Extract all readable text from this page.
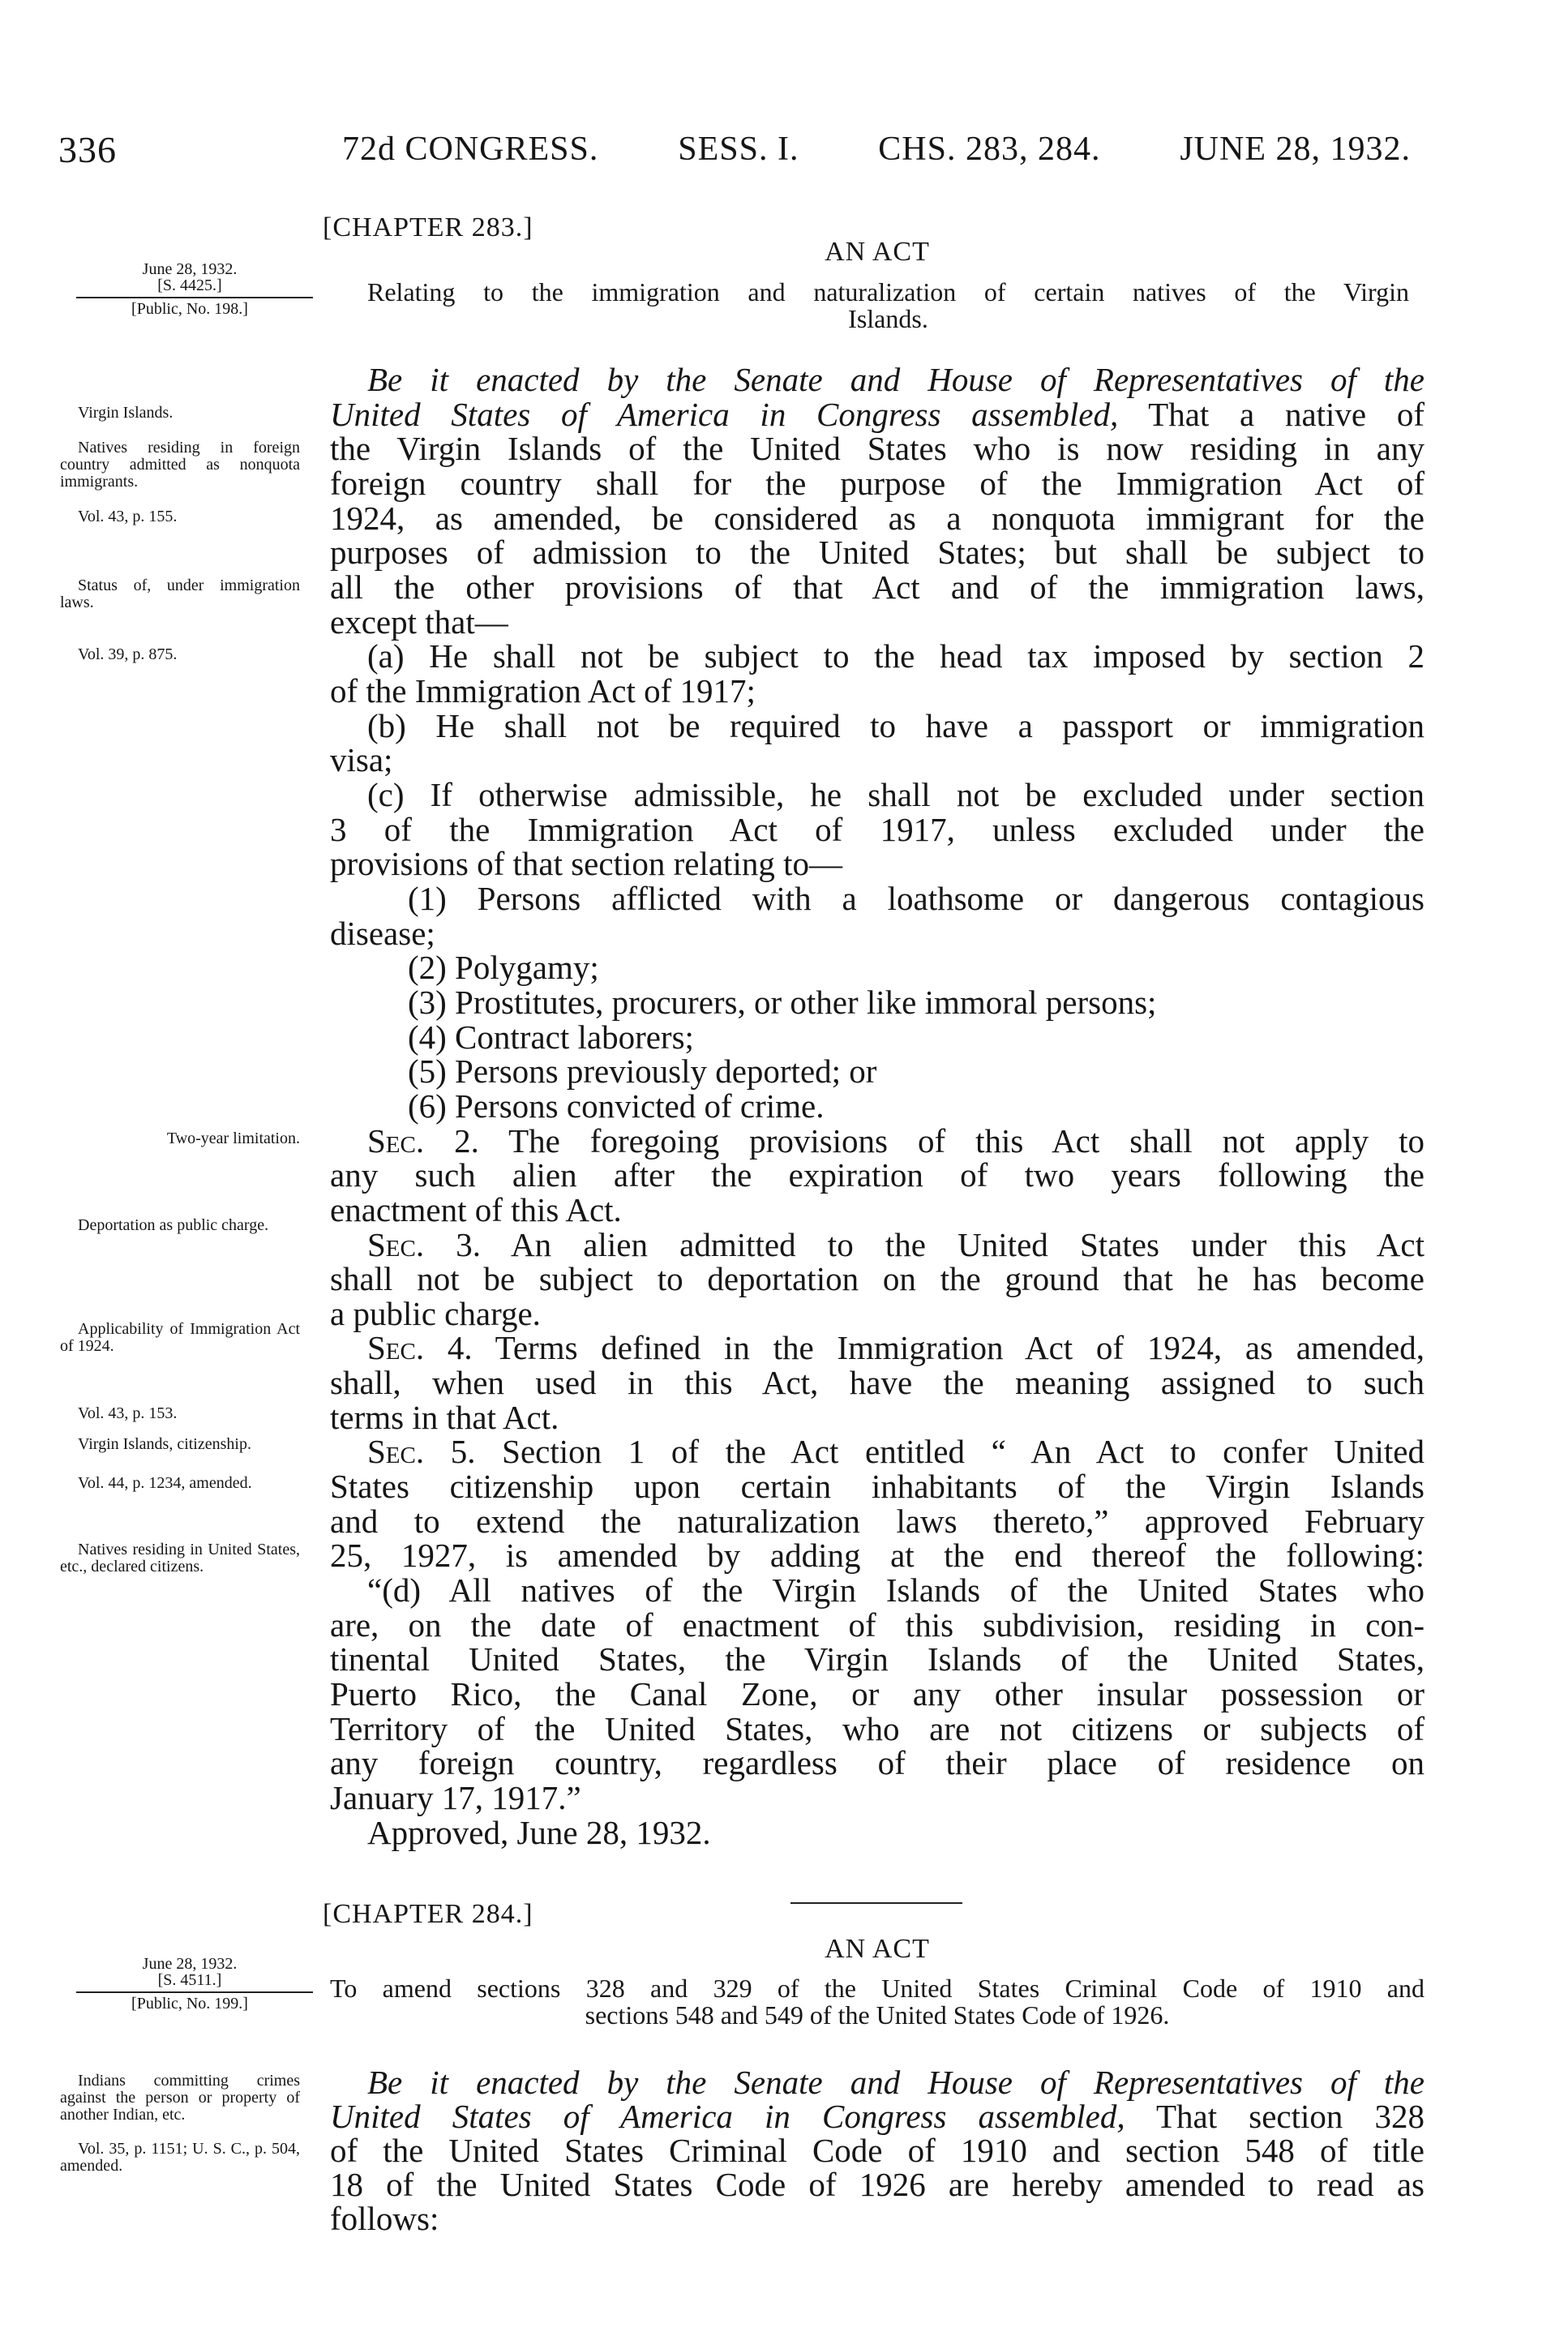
336	72d CONGRESS. SESS. I. CHS. 283, 284. JUNE 28, 1932.
[CHAPTER 283.]
AN ACT
Relating to the immigration and naturalization of certain natives of the Virgin
Islands.
June 28, 1932.
[S. 4425.]
[Public, No. 198.]
Be it enacted by the Senate and House of Representatives of the
United States of America in Congress assembled, That a native of
the Virgin Islands of the United States who is now residing in any
foreign country shall for the purpose of the Immigration Act of
1924, as amended, be considered as a nonquota immigrant for the
purposes of admission to the United States; but shall be subject to
all the other provisions of that Act and of the immigration laws,
except that—
(a) He shall not be subject to the head tax imposed by section 2
of the Immigration Act of 1917;
(b) He shall not be required to have a passport or immigration
visa;
(c) If otherwise admissible, he shall not be excluded under section
3 of the Immigration Act of 1917, unless excluded under the
provisions of that section relating to—
(1) Persons afflicted with a loathsome or dangerous contagious
disease;
(2) Polygamy;
(3) Prostitutes, procurers, or other like immoral persons;
(4) Contract laborers;
(5) Persons previously deported; or
(6) Persons convicted of crime.
Sec. 2. The foregoing provisions of this Act shall not apply to
any such alien after the expiration of two years following the
enactment of this Act.
Sec. 3. An alien admitted to the United States under this Act
shall not be subject to deportation on the ground that he has become
a public charge.
Sec. 4. Terms defined in the Immigration Act of 1924, as amended,
shall, when used in this Act, have the meaning assigned to such
terms in that Act.
Sec. 5. Section 1 of the Act entitled “ An Act to confer United
States citizenship upon certain inhabitants of the Virgin Islands
and to extend the naturalization laws thereto,” approved February
25, 1927, is amended by adding at the end thereof the following:
“(d) All natives of the Virgin Islands of the United States who
are, on the date of enactment of this subdivision, residing in con-
tinental United States, the Virgin Islands of the United States,
Puerto Rico, the Canal Zone, or any other insular possession or
Territory of the United States, who are not citizens or subjects of
any foreign country, regardless of their place of residence on
January 17, 1917.”
Approved, June 28, 1932.
Virgin Islands.
Natives residing in foreign country admitted as nonquota immigrants.
Vol. 43, p. 155.
Status of, under immigration laws.
Vol. 39, p. 875.
Two-year limitation.
Deportation as public charge.
Applicability of Immigration Act of 1924.
Vol. 43, p. 153.
Virgin Islands, citizenship.
Vol. 44, p. 1234, amended.
Natives residing in United States, etc., declared citizens.
[CHAPTER 284.]
AN ACT
To amend sections 328 and 329 of the United States Criminal Code of 1910 and
sections 548 and 549 of the United States Code of 1926.
June 28, 1932.
[S. 4511.]
[Public, No. 199.]
Be it enacted by the Senate and House of Representatives of the
United States of America in Congress assembled, That section 328
of the United States Criminal Code of 1910 and section 548 of title
18 of the United States Code of 1926 are hereby amended to read as
follows:
Indians committing crimes against the person or property of another Indian, etc.
Vol. 35, p. 1151; U. S. C., p. 504, amended.
